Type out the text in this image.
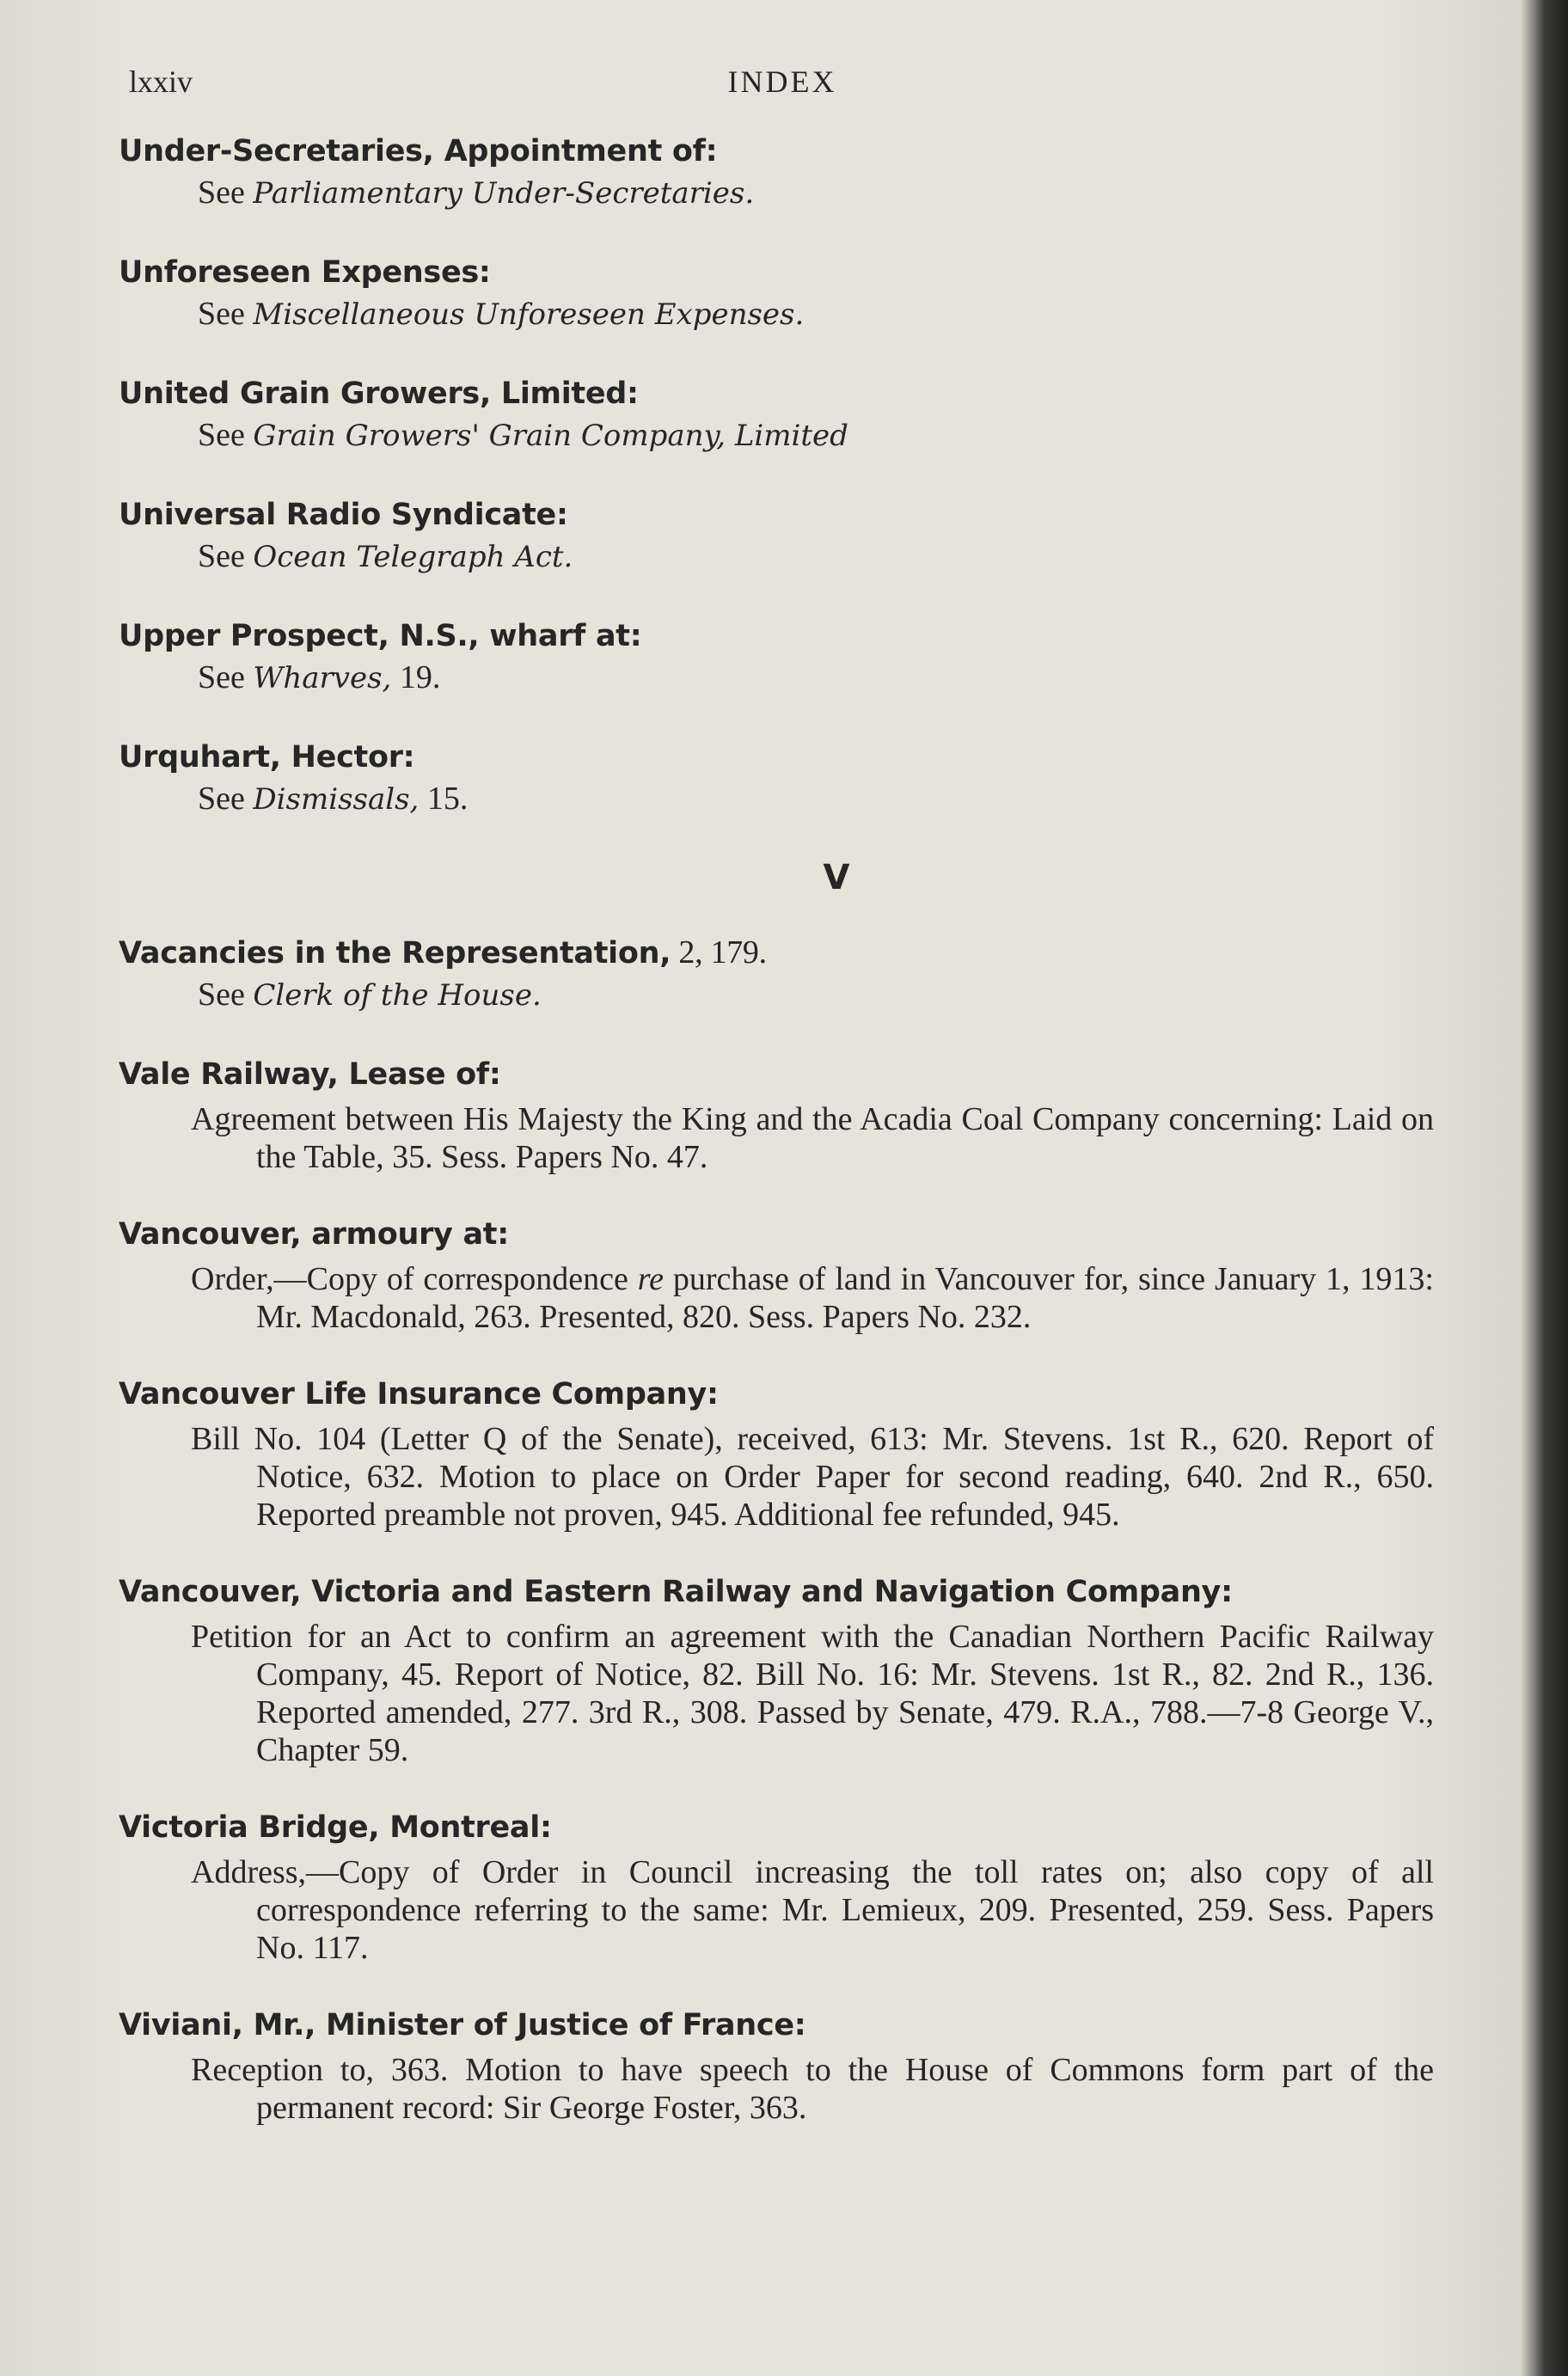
lxxiv	INDEX
Under-Secretaries, Appointment of:
See Parliamentary Under-Secretaries.
Unforeseen Expenses:
See Miscellaneous Unforeseen Expenses.
United Grain Growers, Limited:
See Grain Growers' Grain Company, Limited
Universal Radio Syndicate:
See Ocean Telegraph Act.
Upper Prospect, N.S., wharf at:
See Wharves, 19.
Urquhart, Hector:
See Dismissals, 15.
V
Vacancies in the Representation, 2, 179.
See Clerk of the House.
Vale Railway, Lease of:
Agreement between His Majesty the King and the Acadia Coal Company concerning: Laid on the Table, 35. Sess. Papers No. 47.
Vancouver, armoury at:
Order,—Copy of correspondence re purchase of land in Vancouver for, since January 1, 1913: Mr. Macdonald, 263. Presented, 820. Sess. Papers No. 232.
Vancouver Life Insurance Company:
Bill No. 104 (Letter Q of the Senate), received, 613: Mr. Stevens. 1st R., 620. Report of Notice, 632. Motion to place on Order Paper for second reading, 640. 2nd R., 650. Reported preamble not proven, 945. Additional fee refunded, 945.
Vancouver, Victoria and Eastern Railway and Navigation Company:
Petition for an Act to confirm an agreement with the Canadian Northern Pacific Railway Company, 45. Report of Notice, 82. Bill No. 16: Mr. Stevens. 1st R., 82. 2nd R., 136. Reported amended, 277. 3rd R., 308. Passed by Senate, 479. R.A., 788.—7-8 George V., Chapter 59.
Victoria Bridge, Montreal:
Address,—Copy of Order in Council increasing the toll rates on; also copy of all correspondence referring to the same: Mr. Lemieux, 209. Presented, 259. Sess. Papers No. 117.
Viviani, Mr., Minister of Justice of France:
Reception to, 363. Motion to have speech to the House of Commons form part of the permanent record: Sir George Foster, 363.
